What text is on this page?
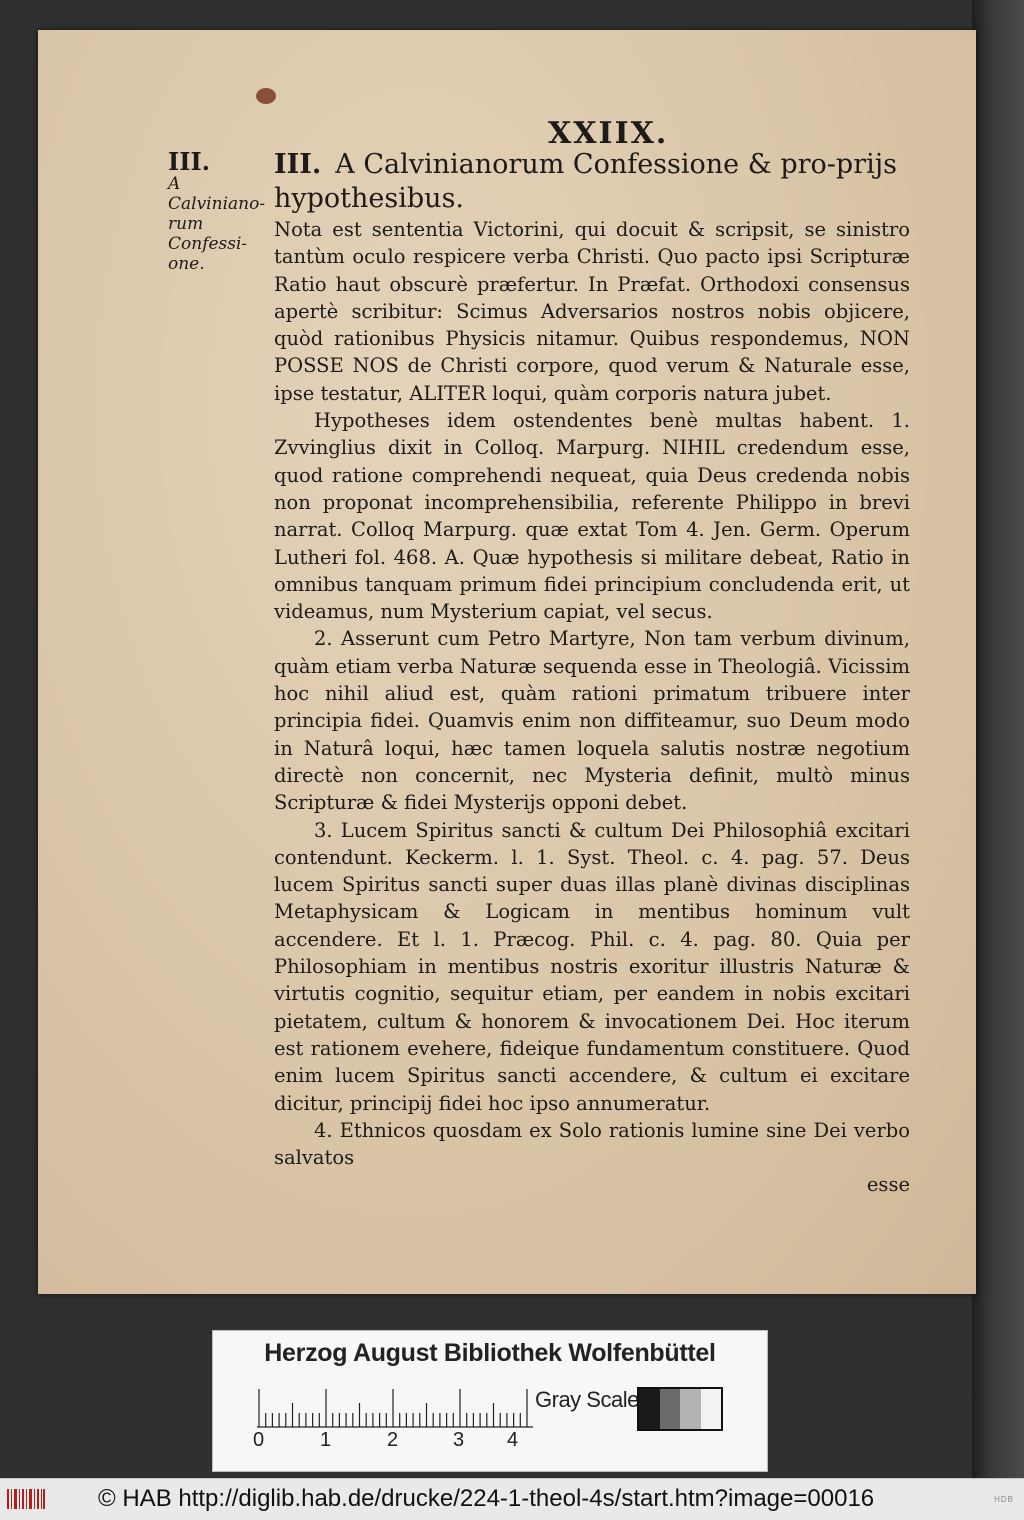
XXIIX.
III.
A Calviniano-rum Confessi-one.
III. A Calvinianorum Confessione & pro-prijs hypothesibus.

Nota est sententia Victorini, qui docuit & scripsit, se sinistro tantùm oculo respicere verba Christi. Quo pacto ipsi Scripturæ Ratio haut obscurè præfertur. In Præfat. Orthodoxi consensus apertè scribitur: Scimus Adversarios nostros nobis objicere, quòd rationibus Physicis nitamur. Quibus respondemus, NON POSSE NOS de Christi corpore, quod verum & Naturale esse, ipse testatur, ALITER loqui, quàm corporis natura jubet.

Hypotheses idem ostendentes benè multas habent. 1. Zvvinglius dixit in Colloq. Marpurg. NIHIL credendum esse, quod ratione comprehendi nequeat, quia Deus credenda nobis non proponat incomprehensibilia, referente Philippo in brevi narrat. Colloq Marpurg. quæ extat Tom 4. Jen. Germ. Operum Lutheri fol. 468. A. Quæ hypothesis si militare debeat, Ratio in omnibus tanquam primum fidei principium concludenda erit, ut videamus, num Mysterium capiat, vel secus.

2. Asserunt cum Petro Martyre, Non tam verbum divinum, quàm etiam verba Naturæ sequenda esse in Theologiâ. Vicissim hoc nihil aliud est, quàm rationi primatum tribuere inter principia fidei. Quamvis enim non diffiteamur, suo Deum modo in Naturâ loqui, hæc tamen loquela salutis nostræ negotium directè non concernit, nec Mysteria definit, multò minus Scripturæ & fidei Mysterijs opponi debet.

3. Lucem Spiritus sancti & cultum Dei Philosophiâ excitari contendunt. Keckerm. l. 1. Syst. Theol. c. 4. pag. 57. Deus lucem Spiritus sancti super duas illas planè divinas disciplinas Metaphysicam & Logicam in mentibus hominum vult accendere. Et l. 1. Præcog. Phil. c. 4. pag. 80. Quia per Philosophiam in mentibus nostris exoritur illustris Naturæ & virtutis cognitio, sequitur etiam, per eandem in nobis excitari pietatem, cultum & honorem & invocationem Dei. Hoc iterum est rationem evehere, fideique fundamentum constituere. Quod enim lucem Spiritus sancti accendere, & cultum ei excitare dicitur, principij fidei hoc ipso annumeratur.

4. Ethnicos quosdam ex Solo rationis lumine sine Dei verbo salvatos

esse

Herzog August Bibliothek Wolfenbüttel
0	1	2	3 4
Gray Scale
© HAB http://diglib.hab.de/drucke/224-1-theol-4s/start.htm?image=00016	HDB
